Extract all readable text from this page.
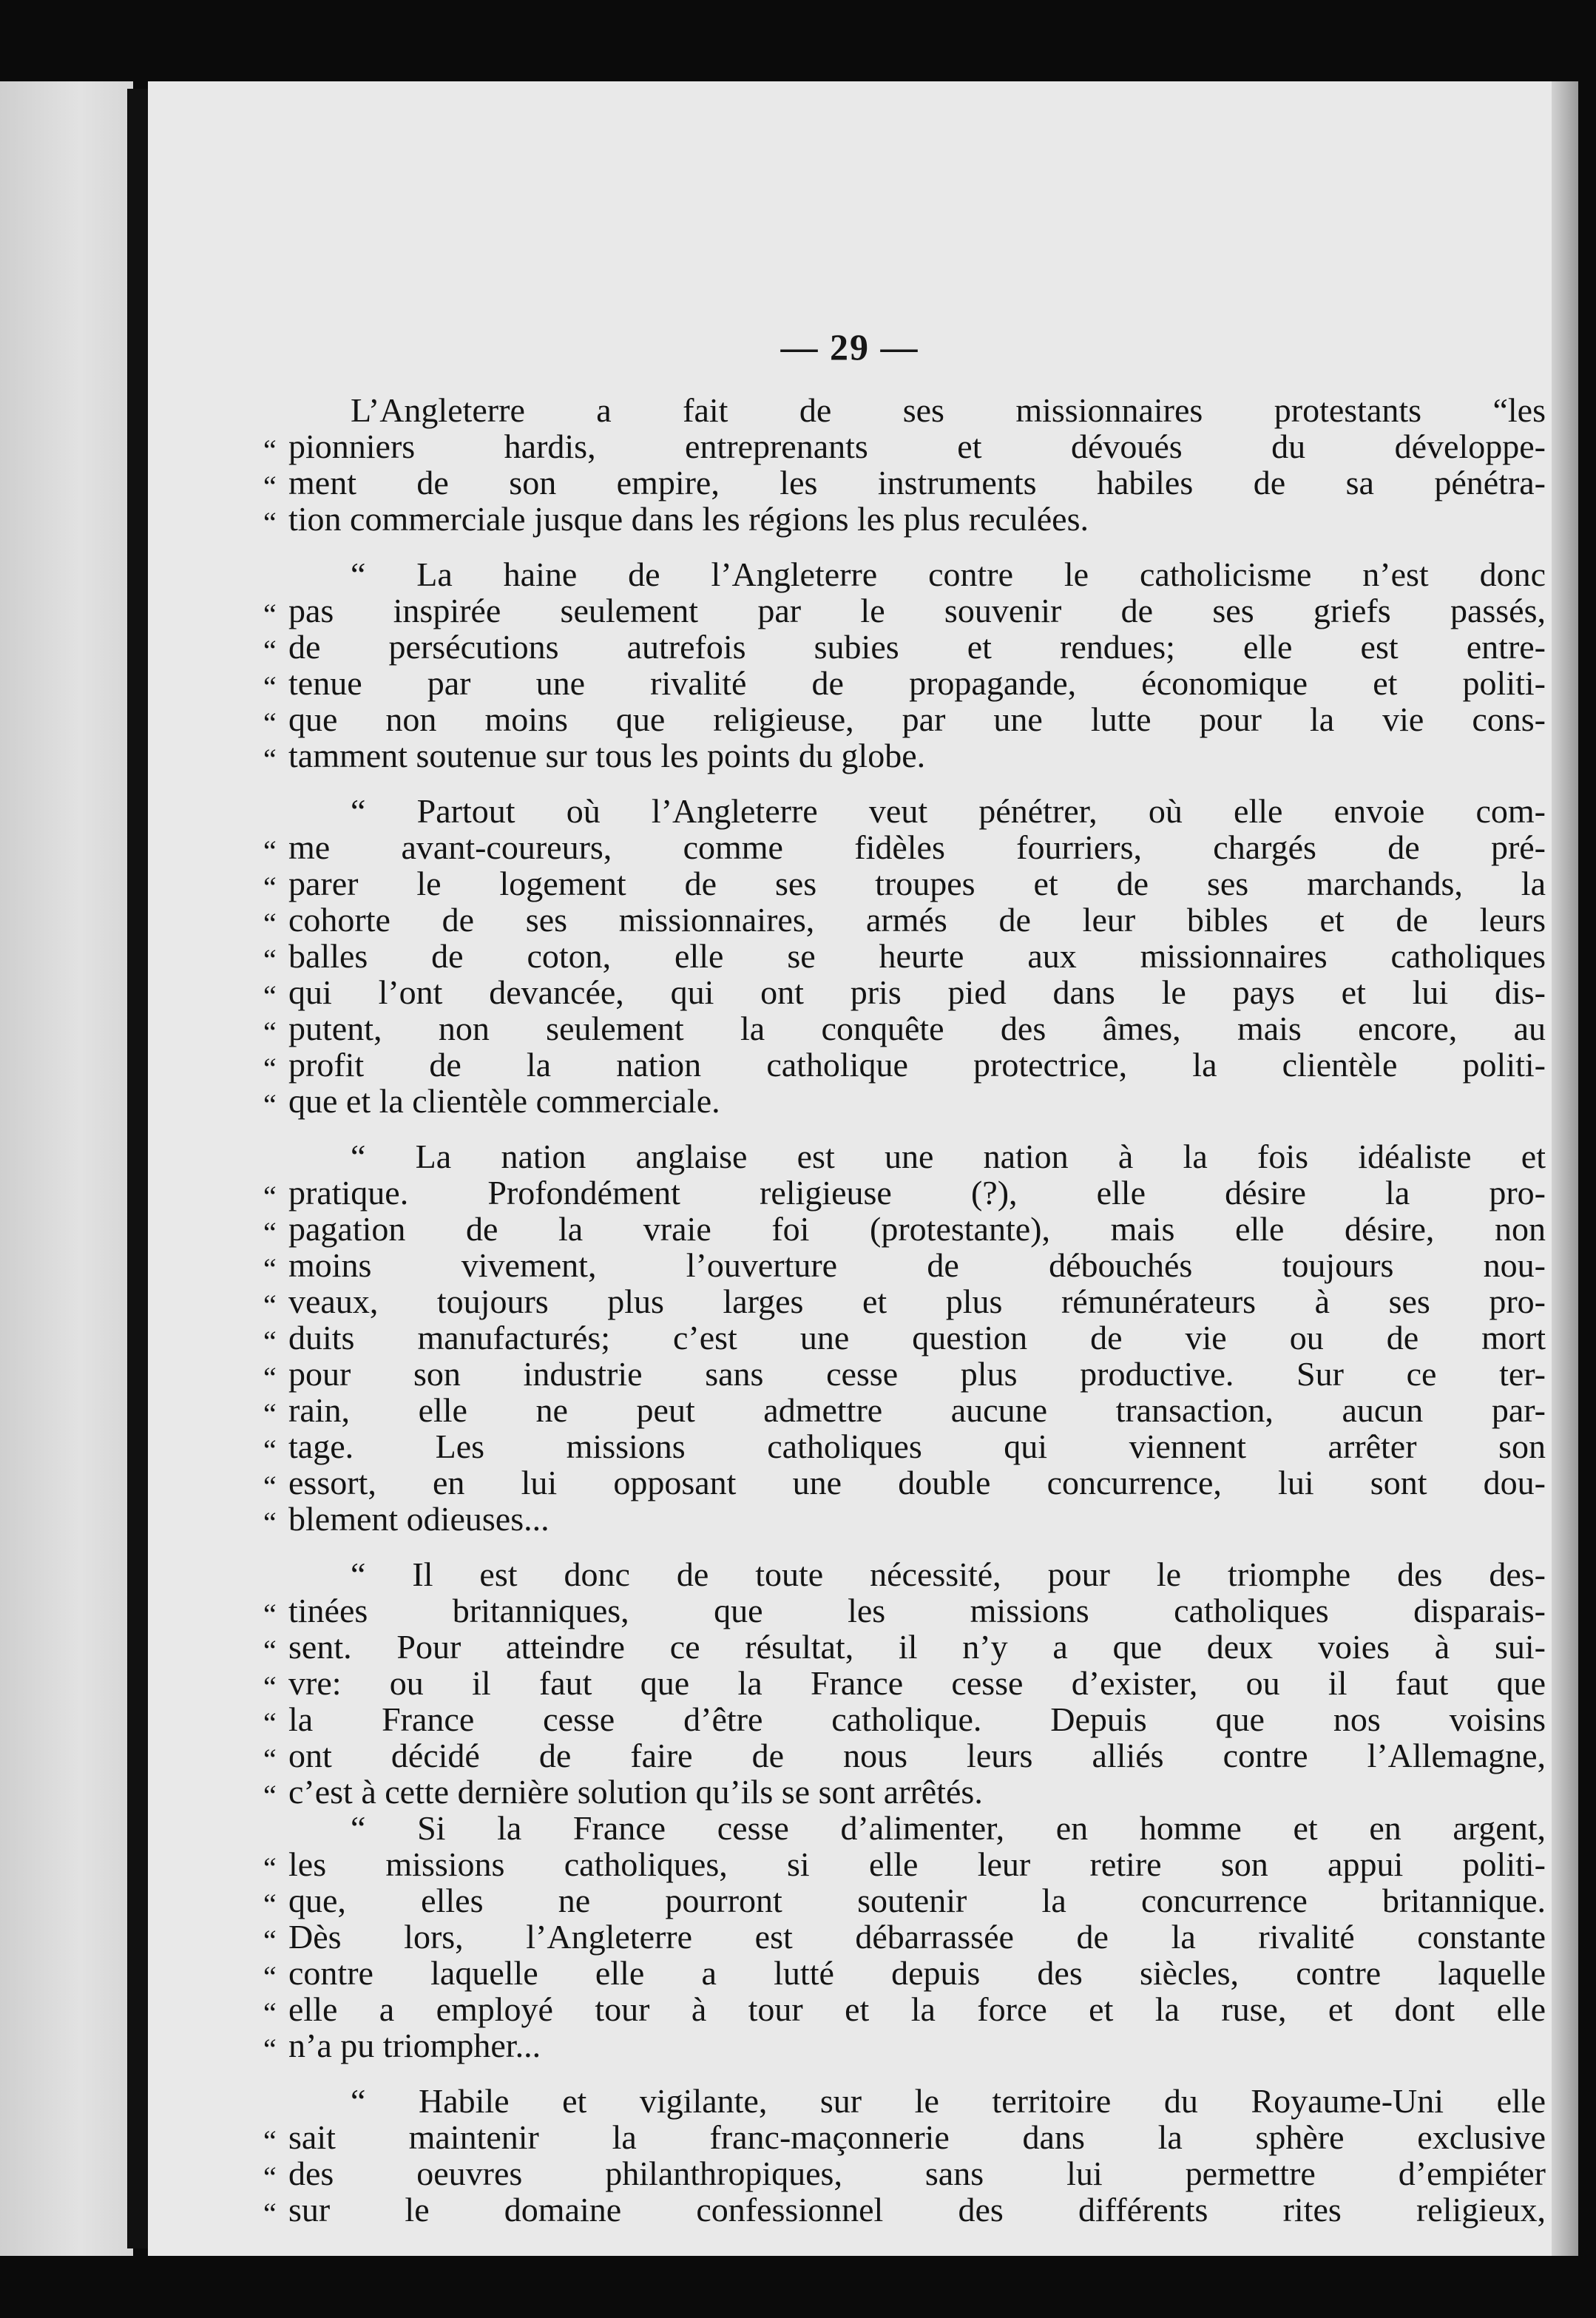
— 29 —
L’Angleterre a fait de ses missionnaires protestants “les
“ pionniers hardis, entreprenants et dévoués du développe-
“ ment de son empire, les instruments habiles de sa pénétra-
“ tion commerciale jusque dans les régions les plus reculées.
“ La haine de l’Angleterre contre le catholicisme n’est donc
“ pas inspirée seulement par le souvenir de ses griefs passés,
“ de persécutions autrefois subies et rendues; elle est entre-
“ tenue par une rivalité de propagande, économique et politi-
“ que non moins que religieuse, par une lutte pour la vie cons-
“ tamment soutenue sur tous les points du globe.
“ Partout où l’Angleterre veut pénétrer, où elle envoie com-
“ me avant-coureurs, comme fidèles fourriers, chargés de pré-
“ parer le logement de ses troupes et de ses marchands, la
“ cohorte de ses missionnaires, armés de leur bibles et de leurs
“ balles de coton, elle se heurte aux missionnaires catholiques
“ qui l’ont devancée, qui ont pris pied dans le pays et lui dis-
“ putent, non seulement la conquête des âmes, mais encore, au
“ profit de la nation catholique protectrice, la clientèle politi-
“ que et la clientèle commerciale.
“ La nation anglaise est une nation à la fois idéaliste et
“ pratique. Profondément religieuse (?), elle désire la pro-
“ pagation de la vraie foi (protestante), mais elle désire, non
“ moins vivement, l’ouverture de débouchés toujours nou-
“ veaux, toujours plus larges et plus rémunérateurs à ses pro-
“ duits manufacturés; c’est une question de vie ou de mort
“ pour son industrie sans cesse plus productive. Sur ce ter-
“ rain, elle ne peut admettre aucune transaction, aucun par-
“ tage. Les missions catholiques qui viennent arrêter son
“ essort, en lui opposant une double concurrence, lui sont dou-
“ blement odieuses...
“ Il est donc de toute nécessité, pour le triomphe des des-
“ tinées britanniques, que les missions catholiques disparais-
“ sent. Pour atteindre ce résultat, il n’y a que deux voies à sui-
“ vre: ou il faut que la France cesse d’exister, ou il faut que
“ la France cesse d’être catholique. Depuis que nos voisins
“ ont décidé de faire de nous leurs alliés contre l’Allemagne,
“ c’est à cette dernière solution qu’ils se sont arrêtés.
“ Si la France cesse d’alimenter, en homme et en argent,
“ les missions catholiques, si elle leur retire son appui politi-
“ que, elles ne pourront soutenir la concurrence britannique.
“ Dès lors, l’Angleterre est débarrassée de la rivalité constante
“ contre laquelle elle a lutté depuis des siècles, contre laquelle
“ elle a employé tour à tour et la force et la ruse, et dont elle
“ n’a pu triompher...
“ Habile et vigilante, sur le territoire du Royaume-Uni elle
“ sait maintenir la franc-maçonnerie dans la sphère exclusive
“ des oeuvres philanthropiques, sans lui permettre d’empiéter
“ sur le domaine confessionnel des différents rites religieux,
